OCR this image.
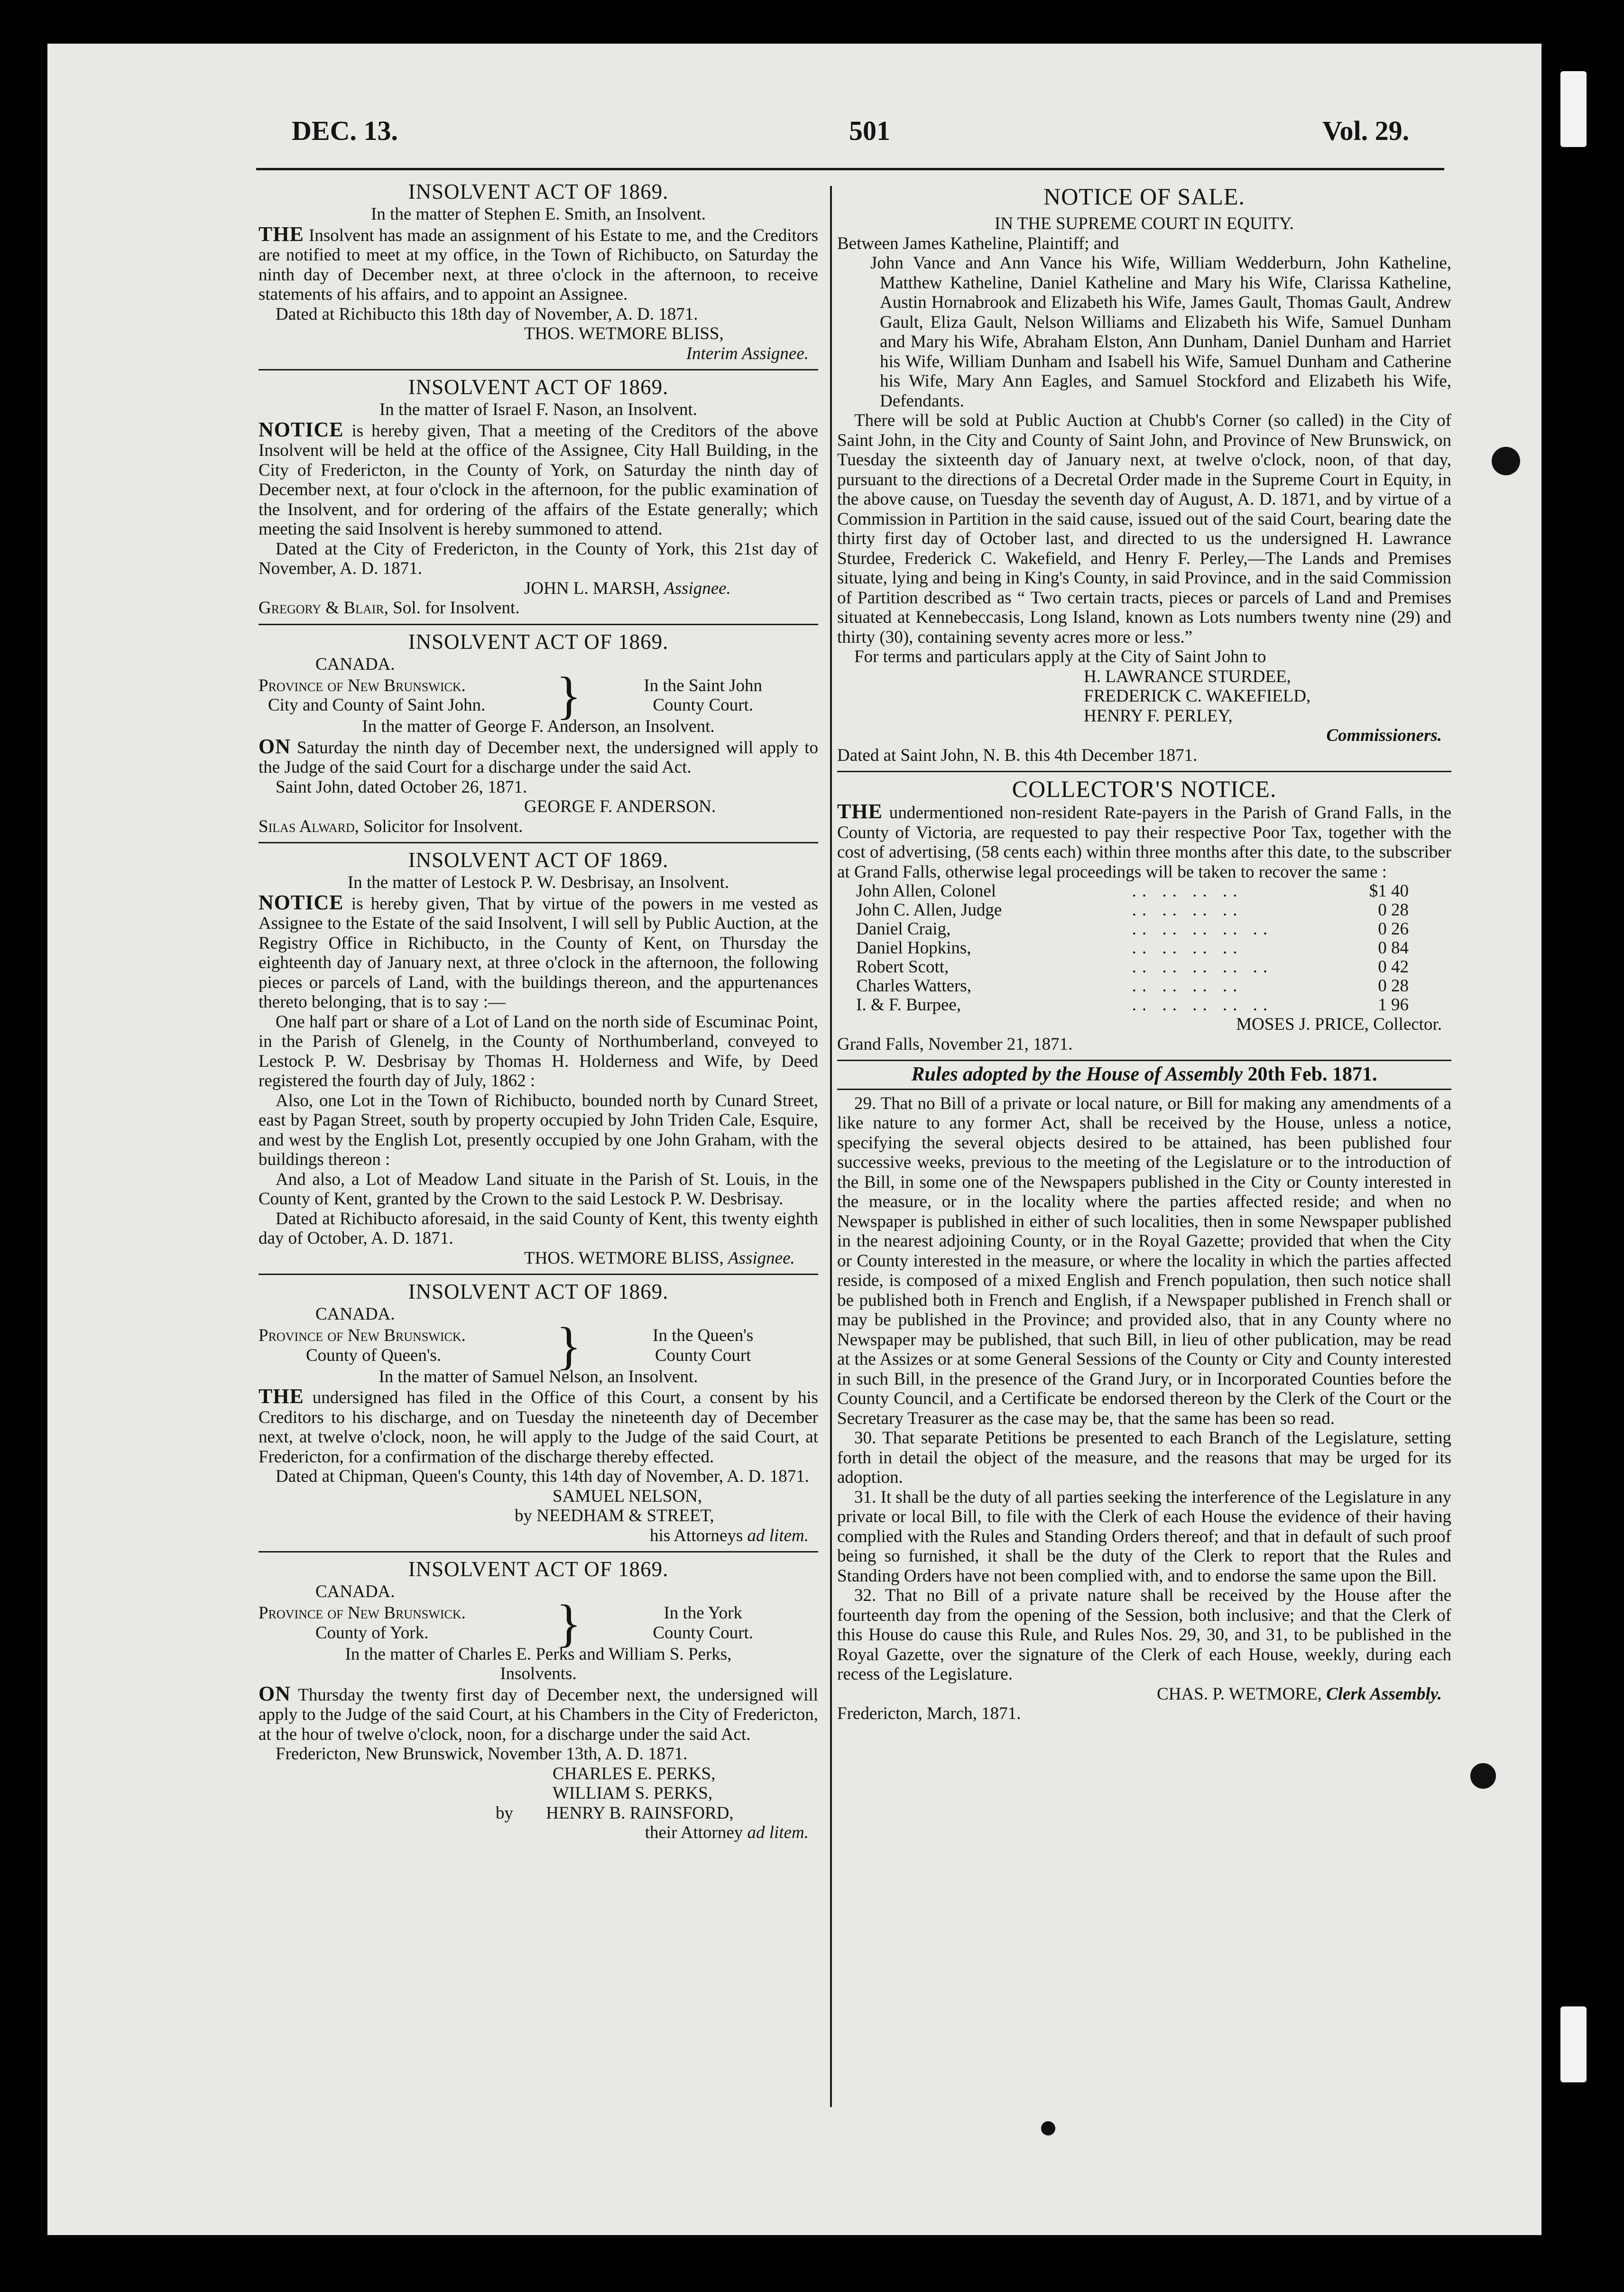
DEC. 13.	501	Vol. 29.
INSOLVENT ACT OF 1869.
In the matter of Stephen E. Smith, an Insolvent.

THE Insolvent has made an assignment of his Estate to me, and the Creditors are notified to meet at my office, in the Town of Richibucto, on Saturday the ninth day of December next, at three o'clock in the afternoon, to receive statements of his affairs, and to appoint an Assignee.

Dated at Richibucto this 18th day of November, A. D. 1871.

THOS. WETMORE BLISS,
Interim Assignee.
INSOLVENT ACT OF 1869.
In the matter of Israel F. Nason, an Insolvent.

NOTICE is hereby given, That a meeting of the Creditors of the above Insolvent will be held at the office of the Assignee, City Hall Building, in the City of Fredericton, in the County of York, on Saturday the ninth day of December next, at four o'clock in the afternoon, for the public examination of the Insolvent, and for ordering of the affairs of the Estate generally; which meeting the said Insolvent is hereby summoned to attend.

Dated at the City of Fredericton, in the County of York, this 21st day of November, A. D. 1871.

JOHN L. MARSH, Assignee.
Gregory & Blair, Sol. for Insolvent.
INSOLVENT ACT OF 1869.
CANADA.
Province of New Brunswick.
City and County of Saint John.	}	In the Saint John
County Court.
In the matter of George F. Anderson, an Insolvent.

ON Saturday the ninth day of December next, the undersigned will apply to the Judge of the said Court for a discharge under the said Act.

Saint John, dated October 26, 1871.

GEORGE F. ANDERSON.
Silas Alward, Solicitor for Insolvent.
INSOLVENT ACT OF 1869.
In the matter of Lestock P. W. Desbrisay, an Insolvent.

NOTICE is hereby given, That by virtue of the powers in me vested as Assignee to the Estate of the said Insolvent, I will sell by Public Auction, at the Registry Office in Richibucto, in the County of Kent, on Thursday the eighteenth day of January next, at three o'clock in the afternoon, the following pieces or parcels of Land, with the buildings thereon, and the appurtenances thereto belonging, that is to say :—

One half part or share of a Lot of Land on the north side of Escuminac Point, in the Parish of Glenelg, in the County of Northumberland, conveyed to Lestock P. W. Desbrisay by Thomas H. Holderness and Wife, by Deed registered the fourth day of July, 1862 :

Also, one Lot in the Town of Richibucto, bounded north by Cunard Street, east by Pagan Street, south by property occupied by John Triden Cale, Esquire, and west by the English Lot, presently occupied by one John Graham, with the buildings thereon :

And also, a Lot of Meadow Land situate in the Parish of St. Louis, in the County of Kent, granted by the Crown to the said Lestock P. W. Desbrisay.

Dated at Richibucto aforesaid, in the said County of Kent, this twenty eighth day of October, A. D. 1871.

THOS. WETMORE BLISS, Assignee.
INSOLVENT ACT OF 1869.
CANADA.
Province of New Brunswick.
County of Queen's.	}	In the Queen's
County Court
In the matter of Samuel Nelson, an Insolvent.

THE undersigned has filed in the Office of this Court, a consent by his Creditors to his discharge, and on Tuesday the nineteenth day of December next, at twelve o'clock, noon, he will apply to the Judge of the said Court, at Fredericton, for a confirmation of the discharge thereby effected.

Dated at Chipman, Queen's County, this 14th day of November, A. D. 1871.

SAMUEL NELSON,
by NEEDHAM & STREET,
his Attorneys ad litem.
INSOLVENT ACT OF 1869.
CANADA.
Province of New Brunswick.
County of York.	}	In the York
County Court.
In the matter of Charles E. Perks and William S. Perks,
Insolvents.

ON Thursday the twenty first day of December next, the undersigned will apply to the Judge of the said Court, at his Chambers in the City of Fredericton, at the hour of twelve o'clock, noon, for a discharge under the said Act.

Fredericton, New Brunswick, November 13th, A. D. 1871.

CHARLES E. PERKS,
WILLIAM S. PERKS,
by HENRY B. RAINSFORD,
their Attorney ad litem.
NOTICE OF SALE.
IN THE SUPREME COURT IN EQUITY.
Between James Katheline, Plaintiff; and
John Vance and Ann Vance his Wife, William Wedderburn, John Katheline, Matthew Katheline, Daniel Katheline and Mary his Wife, Clarissa Katheline, Austin Hornabrook and Elizabeth his Wife, James Gault, Thomas Gault, Andrew Gault, Eliza Gault, Nelson Williams and Elizabeth his Wife, Samuel Dunham and Mary his Wife, Abraham Elston, Ann Dunham, Daniel Dunham and Harriet his Wife, William Dunham and Isabell his Wife, Samuel Dunham and Catherine his Wife, Mary Ann Eagles, and Samuel Stockford and Elizabeth his Wife, Defendants.

There will be sold at Public Auction at Chubb's Corner (so called) in the City of Saint John, in the City and County of Saint John, and Province of New Brunswick, on Tuesday the sixteenth day of January next, at twelve o'clock, noon, of that day, pursuant to the directions of a Decretal Order made in the Supreme Court in Equity, in the above cause, on Tuesday the seventh day of August, A. D. 1871, and by virtue of a Commission in Partition in the said cause, issued out of the said Court, bearing date the thirty first day of October last, and directed to us the undersigned H. Lawrance Sturdee, Frederick C. Wakefield, and Henry F. Perley,—The Lands and Premises situate, lying and being in King's County, in said Province, and in the said Commission of Partition described as “ Two certain tracts, pieces or parcels of Land and Premises situated at Kennebeccasis, Long Island, known as Lots numbers twenty nine (29) and thirty (30), containing seventy acres more or less.”

For terms and particulars apply at the City of Saint John to

H. LAWRANCE STURDEE,
FREDERICK C. WAKEFIELD,
HENRY F. PERLEY,
Commissioners.
Dated at Saint John, N. B. this 4th December 1871.
COLLECTOR'S NOTICE.

THE undermentioned non-resident Rate-payers in the Parish of Grand Falls, in the County of Victoria, are requested to pay their respective Poor Tax, together with the cost of advertising, (58 cents each) within three months after this date, to the subscriber at Grand Falls, otherwise legal proceedings will be taken to recover the same :

John Allen, Colonel	.. .. .. ..	$1 40
John C. Allen, Judge	.. .. .. ..	0 28
Daniel Craig,	.. .. .. .. ..	0 26
Daniel Hopkins,	.. .. .. ..	0 84
Robert Scott,	.. .. .. .. ..	0 42
Charles Watters,	.. .. .. ..	0 28
I. & F. Burpee,	.. .. .. .. ..	1 96
MOSES J. PRICE, Collector.
Grand Falls, November 21, 1871.
Rules adopted by the House of Assembly 20th Feb. 1871.

29. That no Bill of a private or local nature, or Bill for making any amendments of a like nature to any former Act, shall be received by the House, unless a notice, specifying the several objects desired to be attained, has been published four successive weeks, previous to the meeting of the Legislature or to the introduction of the Bill, in some one of the Newspapers published in the City or County interested in the measure, or in the locality where the parties affected reside; and when no Newspaper is published in either of such localities, then in some Newspaper published in the nearest adjoining County, or in the Royal Gazette; provided that when the City or County interested in the measure, or where the locality in which the parties affected reside, is composed of a mixed English and French population, then such notice shall be published both in French and English, if a Newspaper published in French shall or may be published in the Province; and provided also, that in any County where no Newspaper may be published, that such Bill, in lieu of other publication, may be read at the Assizes or at some General Sessions of the County or City and County interested in such Bill, in the presence of the Grand Jury, or in Incorporated Counties before the County Council, and a Certificate be endorsed thereon by the Clerk of the Court or the Secretary Treasurer as the case may be, that the same has been so read.

30. That separate Petitions be presented to each Branch of the Legislature, setting forth in detail the object of the measure, and the reasons that may be urged for its adoption.

31. It shall be the duty of all parties seeking the interference of the Legislature in any private or local Bill, to file with the Clerk of each House the evidence of their having complied with the Rules and Standing Orders thereof; and that in default of such proof being so furnished, it shall be the duty of the Clerk to report that the Rules and Standing Orders have not been complied with, and to endorse the same upon the Bill.

32. That no Bill of a private nature shall be received by the House after the fourteenth day from the opening of the Session, both inclusive; and that the Clerk of this House do cause this Rule, and Rules Nos. 29, 30, and 31, to be published in the Royal Gazette, over the signature of the Clerk of each House, weekly, during each recess of the Legislature.

CHAS. P. WETMORE, Clerk Assembly.
Fredericton, March, 1871.
